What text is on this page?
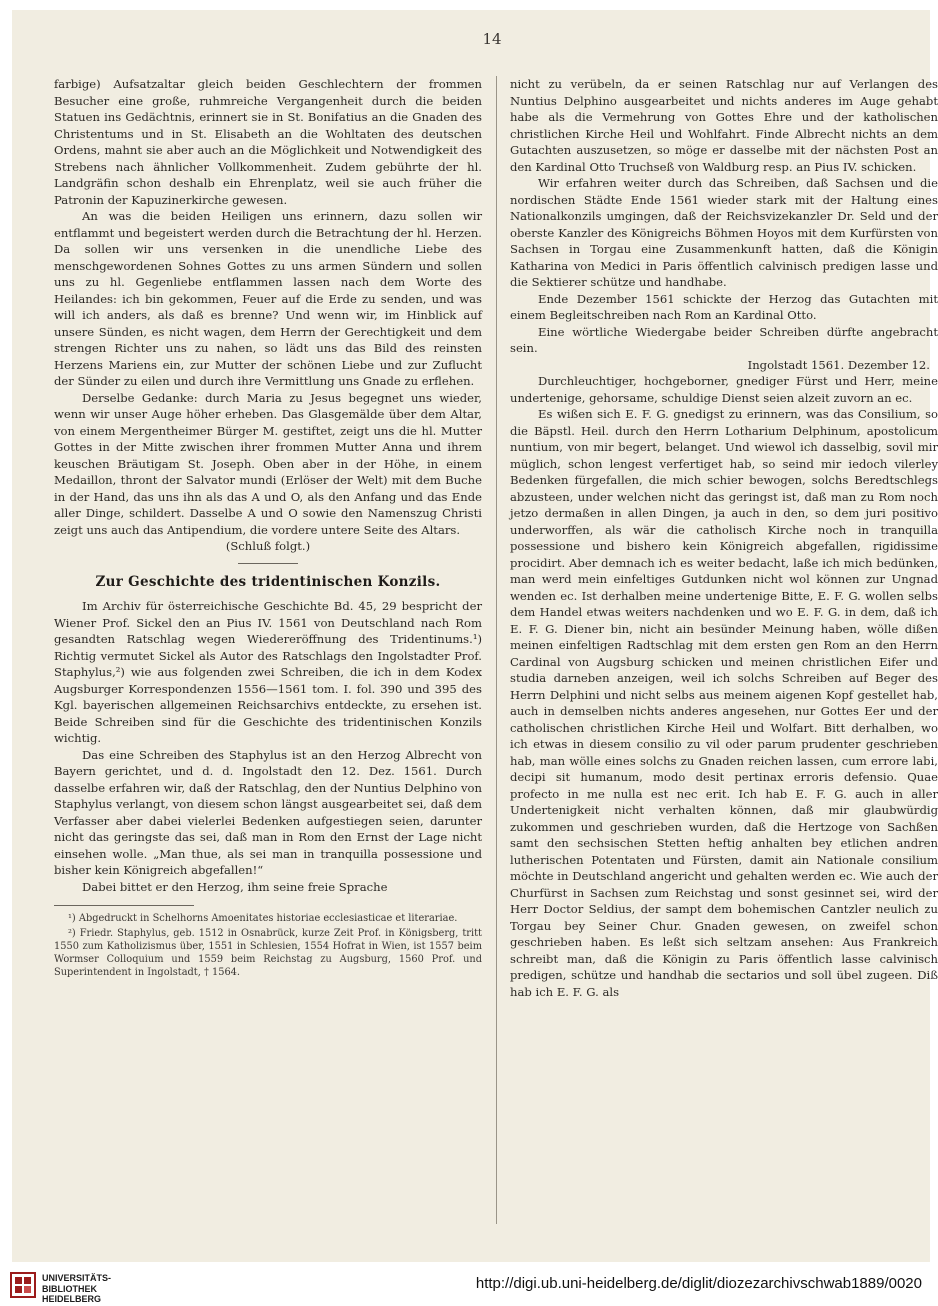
14

farbige) Aufsatzaltar gleich beiden Geschlechtern der frommen Besucher eine große, ruhmreiche Vergangenheit durch die beiden Statuen ins Gedächtnis, erinnert sie in St. Bonifatius an die Gnaden des Christentums und in St. Elisabeth an die Wohltaten des deutschen Ordens, mahnt sie aber auch an die Möglichkeit und Notwendigkeit des Strebens nach ähnlicher Vollkommenheit. Zudem gebührte der hl. Landgräfin schon deshalb ein Ehrenplatz, weil sie auch früher die Patronin der Kapuzinerkirche gewesen.

An was die beiden Heiligen uns erinnern, dazu sollen wir entflammt und begeistert werden durch die Betrachtung der hl. Herzen. Da sollen wir uns versenken in die unendliche Liebe des menschgewordenen Sohnes Gottes zu uns armen Sündern und sollen uns zu hl. Gegenliebe entflammen lassen nach dem Worte des Heilandes: ich bin gekommen, Feuer auf die Erde zu senden, und was will ich anders, als daß es brenne? Und wenn wir, im Hinblick auf unsere Sünden, es nicht wagen, dem Herrn der Gerechtigkeit und dem strengen Richter uns zu nahen, so lädt uns das Bild des reinsten Herzens Mariens ein, zur Mutter der schönen Liebe und zur Zuflucht der Sünder zu eilen und durch ihre Vermittlung uns Gnade zu erflehen.

Derselbe Gedanke: durch Maria zu Jesus begegnet uns wieder, wenn wir unser Auge höher erheben. Das Glasgemälde über dem Altar, von einem Mergentheimer Bürger M. gestiftet, zeigt uns die hl. Mutter Gottes in der Mitte zwischen ihrer frommen Mutter Anna und ihrem keuschen Bräutigam St. Joseph. Oben aber in der Höhe, in einem Medaillon, thront der Salvator mundi (Erlöser der Welt) mit dem Buche in der Hand, das uns ihn als das A und O, als den Anfang und das Ende aller Dinge, schildert. Dasselbe A und O sowie den Namenszug Christi zeigt uns auch das Antipendium, die vordere untere Seite des Altars.

(Schluß folgt.)

Zur Geschichte des tridentinischen Konzils.

Im Archiv für österreichische Geschichte Bd. 45, 29 bespricht der Wiener Prof. Sickel den an Pius IV. 1561 von Deutschland nach Rom gesandten Ratschlag wegen Wiedereröffnung des Tridentinums.¹) Richtig vermutet Sickel als Autor des Ratschlags den Ingolstadter Prof. Staphylus,²) wie aus folgenden zwei Schreiben, die ich in dem Kodex Augsburger Korrespondenzen 1556—1561 tom. I. fol. 390 und 395 des Kgl. bayerischen allgemeinen Reichsarchivs entdeckte, zu ersehen ist. Beide Schreiben sind für die Geschichte des tridentinischen Konzils wichtig.

Das eine Schreiben des Staphylus ist an den Herzog Albrecht von Bayern gerichtet, und d. d. Ingolstadt den 12. Dez. 1561. Durch dasselbe erfahren wir, daß der Ratschlag, den der Nuntius Delphino von Staphylus verlangt, von diesem schon längst ausgearbeitet sei, daß dem Verfasser aber dabei vielerlei Bedenken aufgestiegen seien, darunter nicht das geringste das sei, daß man in Rom den Ernst der Lage nicht einsehen wolle. „Man thue, als sei man in tranquilla possessione und bisher kein Königreich abgefallen!“

Dabei bittet er den Herzog, ihm seine freie Sprache

¹) Abgedruckt in Schelhorns Amoenitates historiae ecclesiasticae et literariae.

²) Friedr. Staphylus, geb. 1512 in Osnabrück, kurze Zeit Prof. in Königsberg, tritt 1550 zum Katholizismus über, 1551 in Schlesien, 1554 Hofrat in Wien, ist 1557 beim Wormser Colloquium und 1559 beim Reichstag zu Augsburg, 1560 Prof. und Superintendent in Ingolstadt, † 1564.

nicht zu verübeln, da er seinen Ratschlag nur auf Verlangen des Nuntius Delphino ausgearbeitet und nichts anderes im Auge gehabt habe als die Vermehrung von Gottes Ehre und der katholischen christlichen Kirche Heil und Wohlfahrt. Finde Albrecht nichts an dem Gutachten auszusetzen, so möge er dasselbe mit der nächsten Post an den Kardinal Otto Truchseß von Waldburg resp. an Pius IV. schicken.

Wir erfahren weiter durch das Schreiben, daß Sachsen und die nordischen Städte Ende 1561 wieder stark mit der Haltung eines Nationalkonzils umgingen, daß der Reichsvizekanzler Dr. Seld und der oberste Kanzler des Königreichs Böhmen Hoyos mit dem Kurfürsten von Sachsen in Torgau eine Zusammenkunft hatten, daß die Königin Katharina von Medici in Paris öffentlich calvinisch predigen lasse und die Sektierer schütze und handhabe.

Ende Dezember 1561 schickte der Herzog das Gutachten mit einem Begleitschreiben nach Rom an Kardinal Otto.

Eine wörtliche Wiedergabe beider Schreiben dürfte angebracht sein.

Ingolstadt 1561. Dezember 12.

Durchleuchtiger, hochgeborner, gnediger Fürst und Herr, meine undertenige, gehorsame, schuldige Dienst seien alzeit zuvorn an ec.

Es wißen sich E. F. G. gnedigst zu erinnern, was das Consilium, so die Bäpstl. Heil. durch den Herrn Lotharium Delphinum, apostolicum nuntium, von mir begert, belanget. Und wiewol ich dasselbig, sovil mir müglich, schon lengest verfertiget hab, so seind mir iedoch vilerley Bedenken fürgefallen, die mich schier bewogen, solchs Beredtschlegs abzusteen, under welchen nicht das geringst ist, daß man zu Rom noch jetzo dermaßen in allen Dingen, ja auch in den, so dem juri positivo underworffen, als wär die catholisch Kirche noch in tranquilla possessione und bishero kein Königreich abgefallen, rigidissime procidirt. Aber demnach ich es weiter bedacht, laße ich mich bedünken, man werd mein einfeltiges Gutdunken nicht wol können zur Ungnad wenden ec. Ist derhalben meine undertenige Bitte, E. F. G. wollen selbs dem Handel etwas weiters nachdenken und wo E. F. G. in dem, daß ich E. F. G. Diener bin, nicht ain besünder Meinung haben, wölle dißen meinen einfeltigen Radtschlag mit dem ersten gen Rom an den Herrn Cardinal von Augsburg schicken und meinen christlichen Eifer und studia darneben anzeigen, weil ich solchs Schreiben auf Beger des Herrn Delphini und nicht selbs aus meinem aigenen Kopf gestellet hab, auch in demselben nichts anderes angesehen, nur Gottes Eer und der catholischen christlichen Kirche Heil und Wolfart. Bitt derhalben, wo ich etwas in diesem consilio zu vil oder parum prudenter geschrieben hab, man wölle eines solchs zu Gnaden reichen lassen, cum errore labi, decipi sit humanum, modo desit pertinax erroris defensio. Quae profecto in me nulla est nec erit. Ich hab E. F. G. auch in aller Undertenigkeit nicht verhalten können, daß mir glaubwürdig zukommen und geschrieben wurden, daß die Hertzoge von Sachßen samt den sechsischen Stetten heftig anhalten bey etlichen andren lutherischen Potentaten und Fürsten, damit ain Nationale consilium möchte in Deutschland angericht und gehalten werden ec. Wie auch der Churfürst in Sachsen zum Reichstag und sonst gesinnet sei, wird der Herr Doctor Seldius, der sampt dem bohemischen Cantzler neulich zu Torgau bey Seiner Chur. Gnaden gewesen, on zweifel schon geschrieben haben. Es leßt sich seltzam ansehen: Aus Frankreich schreibt man, daß die Königin zu Paris öffentlich lasse calvinisch predigen, schütze und handhab die sectarios und soll übel zugeen. Diß hab ich E. F. G. als

UNIVERSITÄTS-
BIBLIOTHEK
HEIDELBERG
http://digi.ub.uni-heidelberg.de/diglit/diozezarchivschwab1889/0020
